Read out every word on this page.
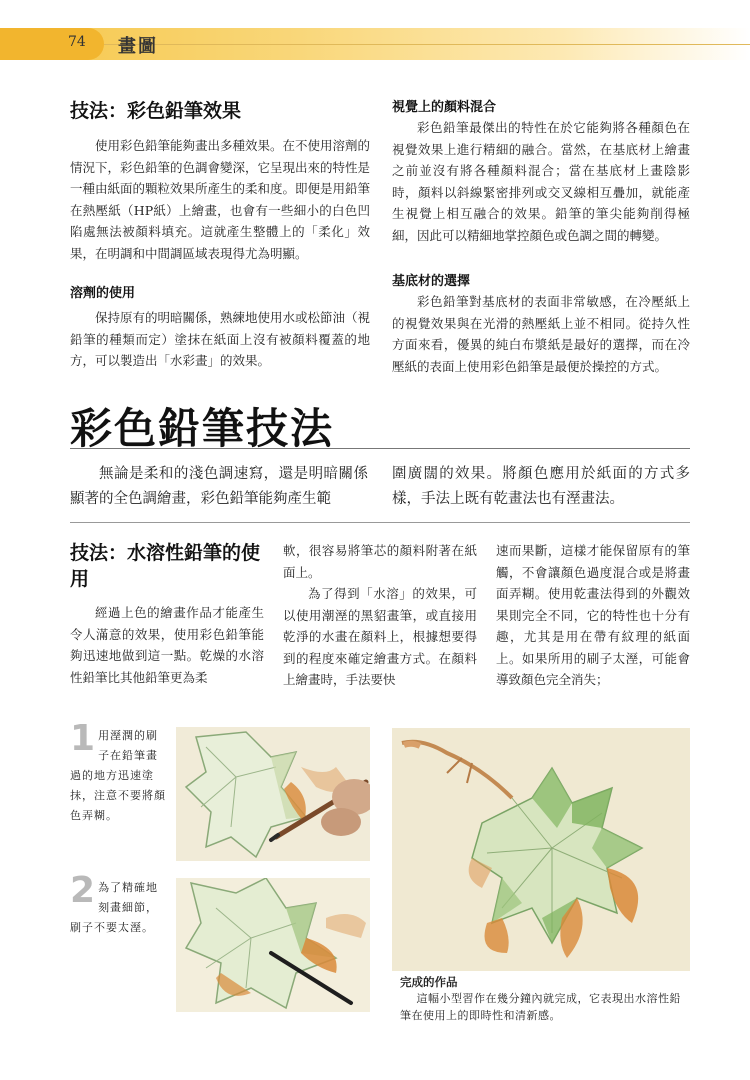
74 畫圖
技法：彩色鉛筆效果

使用彩色鉛筆能夠畫出多種效果。在不使用溶劑的情況下，彩色鉛筆的色調會變深，它呈現出來的特性是一種由紙面的顆粒效果所產生的柔和度。即便是用鉛筆在熱壓紙（HP紙）上繪畫，也會有一些細小的白色凹陷處無法被顏料填充。這就產生整體上的「柔化」效果，在明調和中間調區域表現得尤為明顯。

溶劑的使用

保持原有的明暗關係，熟練地使用水或松節油（視鉛筆的種類而定）塗抹在紙面上沒有被顏料覆蓋的地方，可以製造出「水彩畫」的效果。

視覺上的顏料混合

彩色鉛筆最傑出的特性在於它能夠將各種顏色在視覺效果上進行精細的融合。當然，在基底材上繪畫之前並沒有將各種顏料混合；當在基底材上畫陰影時，顏料以斜線緊密排列或交叉線相互疊加，就能產生視覺上相互融合的效果。鉛筆的筆尖能夠削得極細，因此可以精細地掌控顏色或色調之間的轉變。

基底材的選擇

彩色鉛筆對基底材的表面非常敏感，在冷壓紙上的視覺效果與在光滑的熱壓紙上並不相同。從持久性方面來看，優異的純白布漿紙是最好的選擇，而在冷壓紙的表面上使用彩色鉛筆是最便於操控的方式。

彩色鉛筆技法

無論是柔和的淺色調速寫，還是明暗關係顯著的全色調繪畫，彩色鉛筆能夠產生範

圍廣闊的效果。將顏色應用於紙面的方式多樣，手法上既有乾畫法也有溼畫法。

技法：水溶性鉛筆的使用

經過上色的繪畫作品才能產生令人滿意的效果，使用彩色鉛筆能夠迅速地做到這一點。乾燥的水溶性鉛筆比其他鉛筆更為柔

軟，很容易將筆芯的顏料附著在紙面上。

為了得到「水溶」的效果，可以使用潮溼的黑貂畫筆，或直接用乾淨的水畫在顏料上，根據想要得到的程度來確定繪畫方式。在顏料上繪畫時，手法要快

速而果斷，這樣才能保留原有的筆觸，不會讓顏色過度混合或是將畫面弄糊。使用乾畫法得到的外觀效果則完全不同，它的特性也十分有趣，尤其是用在帶有紋理的紙面上。如果所用的刷子太溼，可能會導致顏色完全消失；

1 用溼潤的刷子在鉛筆畫過的地方迅速塗抹，注意不要將顏色弄糊。
2 為了精確地刻畫細節，刷子不要太溼。
完成的作品
這幅小型習作在幾分鐘內就完成，它表現出水溶性鉛筆在使用上的即時性和清新感。
